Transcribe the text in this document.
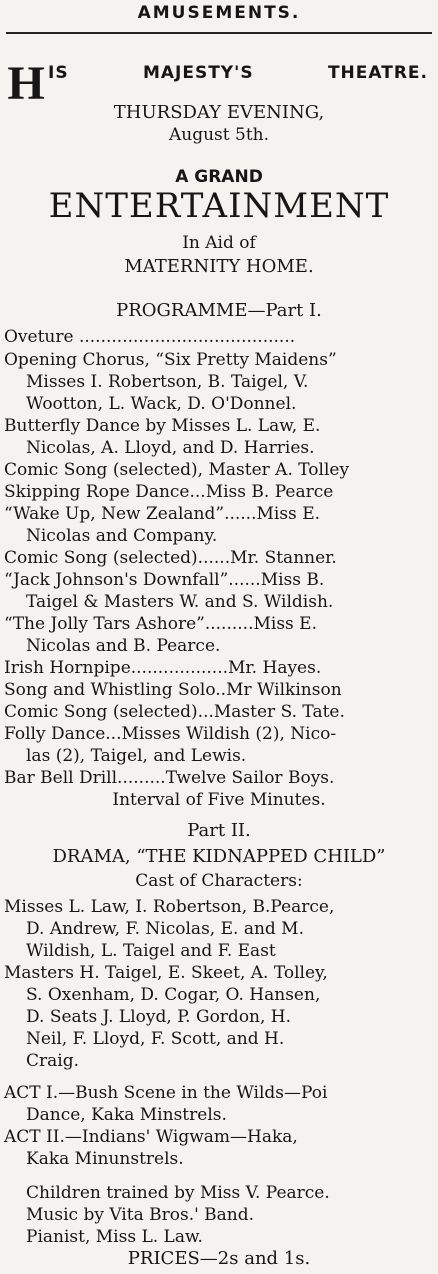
AMUSEMENTS.
H IS	MAJESTY'S	THEATRE.
THURSDAY EVENING,
August 5th.
A GRAND
ENTERTAINMENT
In Aid of
MATERNITY HOME.
PROGRAMME—Part I.
Oveture ........................................
Opening Chorus, “Six Pretty Maidens”
Misses I. Robertson, B. Taigel, V.
Wootton, L. Wack, D. O'Donnel.
Butterfly Dance by Misses L. Law, E.
Nicolas, A. Lloyd, and D. Harries.
Comic Song (selected), Master A. Tolley
Skipping Rope Dance...Miss B. Pearce
“Wake Up, New Zealand”......Miss E.
Nicolas and Company.
Comic Song (selected)......Mr. Stanner.
“Jack Johnson's Downfall”......Miss B.
Taigel & Masters W. and S. Wildish.
“The Jolly Tars Ashore”.........Miss E.
Nicolas and B. Pearce.
Irish Hornpipe..................Mr. Hayes.
Song and Whistling Solo..Mr Wilkinson
Comic Song (selected)...Master S. Tate.
Folly Dance...Misses Wildish (2), Nico-
las (2), Taigel, and Lewis.
Bar Bell Drill.........Twelve Sailor Boys.
Interval of Five Minutes.
Part II.
DRAMA, “THE KIDNAPPED CHILD”
Cast of Characters:
Misses L. Law, I. Robertson, B.Pearce,
D. Andrew, F. Nicolas, E. and M.
Wildish, L. Taigel and F. East
Masters H. Taigel, E. Skeet, A. Tolley,
S. Oxenham, D. Cogar, O. Hansen,
D. Seats J. Lloyd, P. Gordon, H.
Neil, F. Lloyd, F. Scott, and H.
Craig.
ACT I.—Bush Scene in the Wilds—Poi
Dance, Kaka Minstrels.
ACT II.—Indians' Wigwam—Haka,
Kaka Minunstrels.
Children trained by Miss V. Pearce.
Music by Vita Bros.' Band.
Pianist, Miss L. Law.
PRICES—2s and 1s.
